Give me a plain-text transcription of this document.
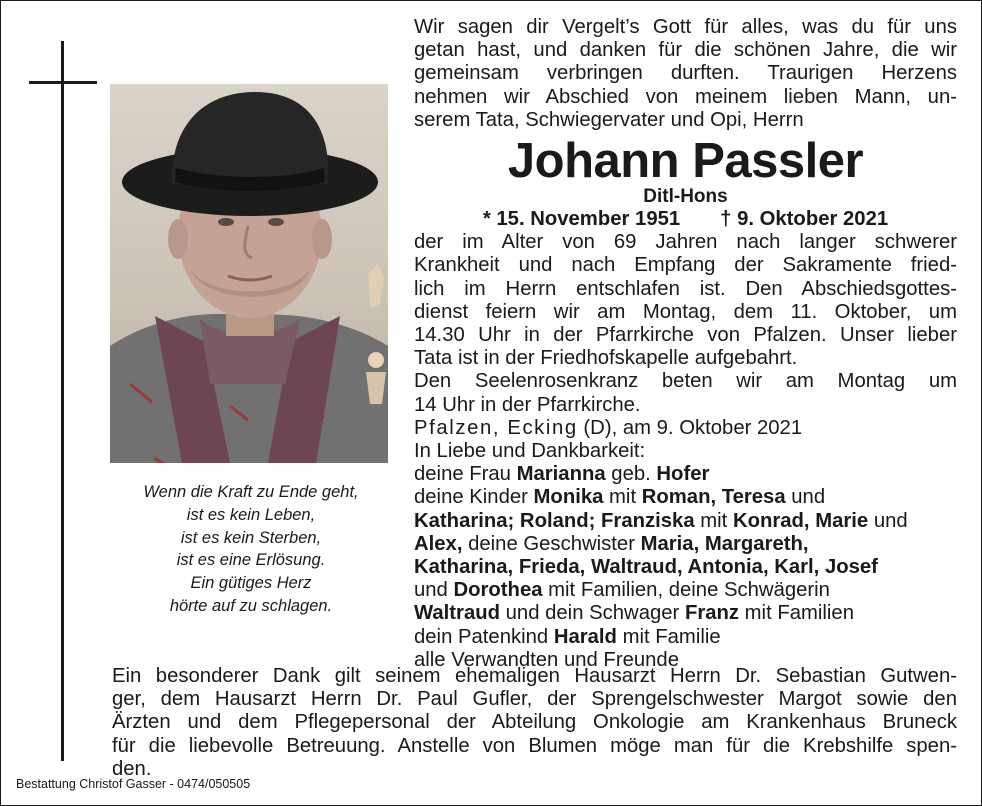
Wenn die Kraft zu Ende geht,
ist es kein Leben,
ist es kein Sterben,
ist es eine Erlösung.
Ein gütiges Herz
hörte auf zu schlagen.
Wir sagen dir Vergelt’s Gott für alles, was du für uns
getan hast, und danken für die schönen Jahre, die wir
gemeinsam verbringen durften. Traurigen Herzens
nehmen wir Abschied von meinem lieben Mann, un-
serem Tata, Schwiegervater und Opi, Herrn
Johann Passler
Ditl-Hons
* 15. November 1951 † 9. Oktober 2021
der im Alter von 69 Jahren nach langer schwerer
Krankheit und nach Empfang der Sakramente fried-
lich im Herrn entschlafen ist. Den Abschiedsgottes-
dienst feiern wir am Montag, dem 11. Oktober, um
14.30 Uhr in der Pfarrkirche von Pfalzen. Unser lieber
Tata ist in der Friedhofskapelle aufgebahrt.
Den Seelenrosenkranz beten wir am Montag um
14 Uhr in der Pfarrkirche.
Pfalzen, Ecking (D), am 9. Oktober 2021
In Liebe und Dankbarkeit:
deine Frau Marianna geb. Hofer
deine Kinder Monika mit Roman, Teresa und
Katharina; Roland; Franziska mit Konrad, Marie und
Alex, deine Geschwister Maria, Margareth,
Katharina, Frieda, Waltraud, Antonia, Karl, Josef
und Dorothea mit Familien, deine Schwägerin
Waltraud und dein Schwager Franz mit Familien
dein Patenkind Harald mit Familie
alle Verwandten und Freunde
Ein besonderer Dank gilt seinem ehemaligen Hausarzt Herrn Dr. Sebastian Gutwen-
ger, dem Hausarzt Herrn Dr. Paul Gufler, der Sprengelschwester Margot sowie den
Ärzten und dem Pflegepersonal der Abteilung Onkologie am Krankenhaus Bruneck
für die liebevolle Betreuung. Anstelle von Blumen möge man für die Krebshilfe spen-
den.
Bestattung Christof Gasser - 0474/050505
